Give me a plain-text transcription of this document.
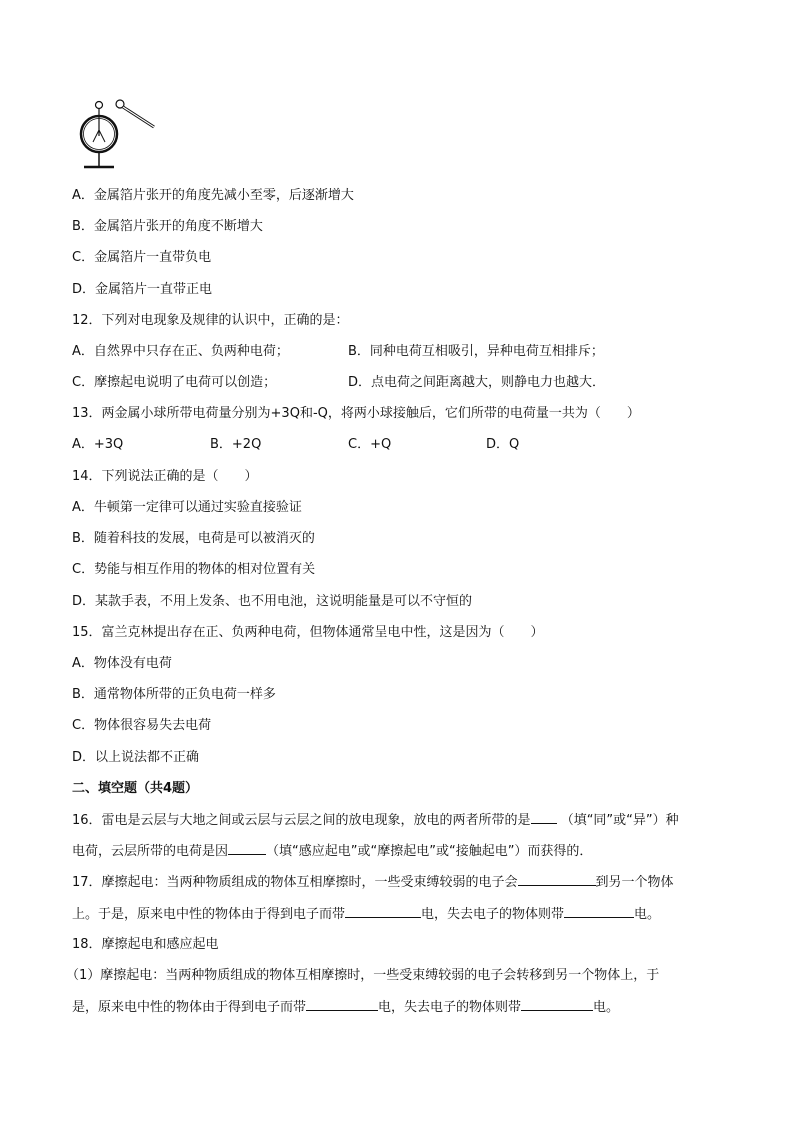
A．金属箔片张开的角度先减小至零，后逐渐增大
B．金属箔片张开的角度不断增大
C．金属箔片一直带负电
D．金属箔片一直带正电
12．下列对电现象及规律的认识中，正确的是：
A．自然界中只存在正、负两种电荷；	B．同种电荷互相吸引，异种电荷互相排斥；
C．摩擦起电说明了电荷可以创造；	D．点电荷之间距离越大，则静电力也越大．
13．两金属小球所带电荷量分别为+3Q和-Q，将两小球接触后，它们所带的电荷量一共为（　　）
A．+3Q	B．+2Q	C．+Q	D．Q
14．下列说法正确的是（　　）
A．牛顿第一定律可以通过实验直接验证
B．随着科技的发展，电荷是可以被消灭的
C．势能与相互作用的物体的相对位置有关
D．某款手表，不用上发条、也不用电池，这说明能量是可以不守恒的
15．富兰克林提出存在正、负两种电荷，但物体通常呈电中性，这是因为（　　）
A．物体没有电荷
B．通常物体所带的正负电荷一样多
C．物体很容易失去电荷
D．以上说法都不正确
二、填空题（共4题）
16．雷电是云层与大地之间或云层与云层之间的放电现象，放电的两者所带的是 （填“同”或“异”）种
电荷，云层所带的电荷是因	（填“感应起电”或“摩擦起电”或“接触起电”）而获得的．
17．摩擦起电：当两种物质组成的物体互相摩擦时，一些受束缚较弱的电子会	到另一个物体
上。于是，原来电中性的物体由于得到电子而带	电，失去电子的物体则带	电。
18．摩擦起电和感应起电
（1）摩擦起电：当两种物质组成的物体互相摩擦时，一些受束缚较弱的电子会转移到另一个物体上，于
是，原来电中性的物体由于得到电子而带	电，失去电子的物体则带	电。
